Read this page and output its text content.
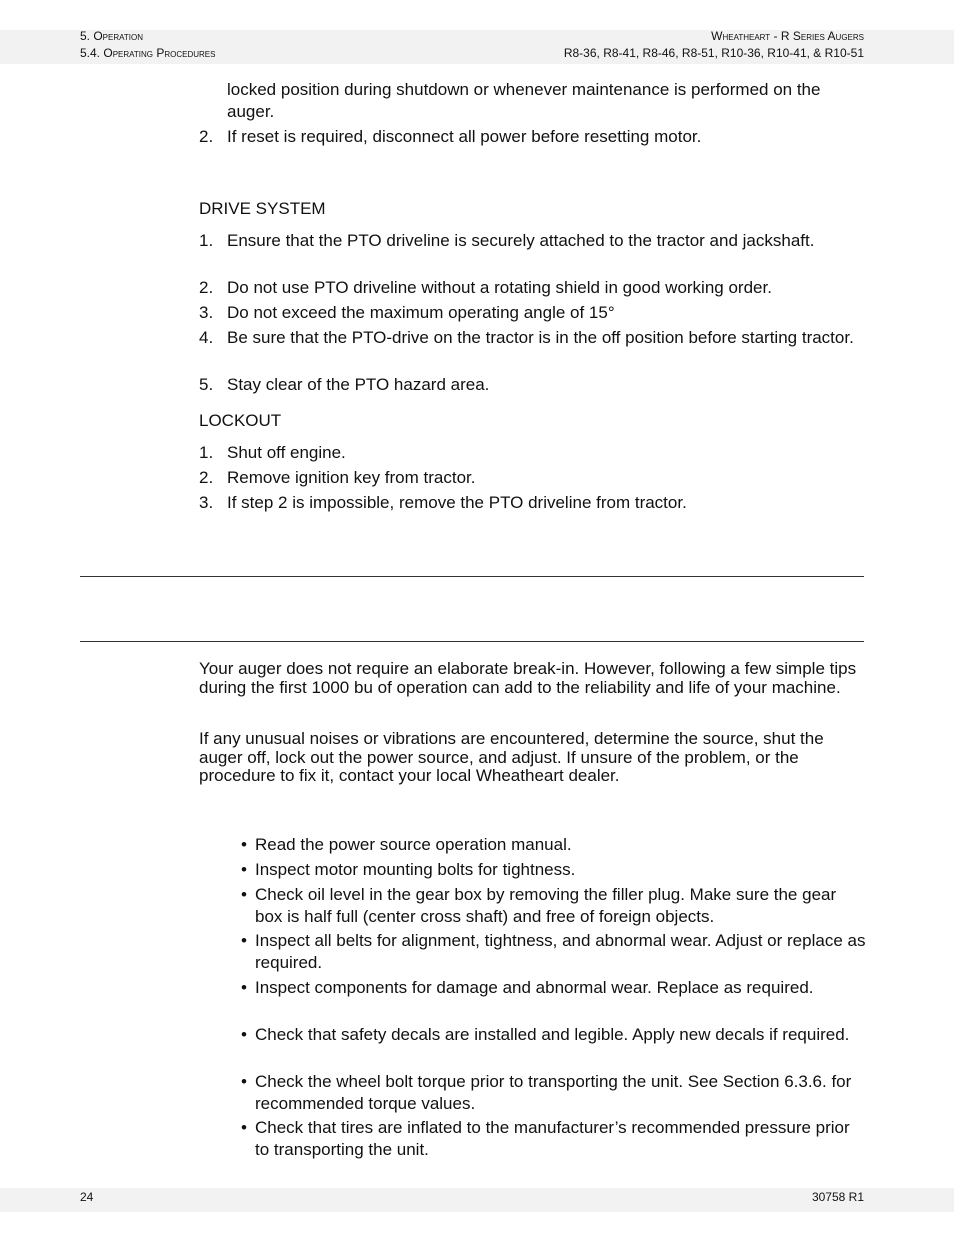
5. Operation
5.4. Operating Procedures
Wheatheart - R Series Augers
R8-36, R8-41, R8-46, R8-51, R10-36, R10-41, & R10-51
locked position during shutdown or whenever maintenance is performed on the auger.
2. If reset is required, disconnect all power before resetting motor.
DRIVE SYSTEM
1. Ensure that the PTO driveline is securely attached to the tractor and jackshaft.
2. Do not use PTO driveline without a rotating shield in good working order.
3. Do not exceed the maximum operating angle of 15°
4. Be sure that the PTO-drive on the tractor is in the off position before starting tractor.
5. Stay clear of the PTO hazard area.
LOCKOUT
1. Shut off engine.
2. Remove ignition key from tractor.
3. If step 2 is impossible, remove the PTO driveline from tractor.
Your auger does not require an elaborate break-in. However, following a few simple tips during the first 1000 bu of operation can add to the reliability and life of your machine.
If any unusual noises or vibrations are encountered, determine the source, shut the auger off, lock out the power source, and adjust. If unsure of the problem, or the procedure to fix it, contact your local Wheatheart dealer.
• Read the power source operation manual.
• Inspect motor mounting bolts for tightness.
• Check oil level in the gear box by removing the filler plug. Make sure the gear box is half full (center cross shaft) and free of foreign objects.
• Inspect all belts for alignment, tightness, and abnormal wear. Adjust or replace as required.
• Inspect components for damage and abnormal wear. Replace as required.
• Check that safety decals are installed and legible. Apply new decals if required.
• Check the wheel bolt torque prior to transporting the unit. See Section 6.3.6. for recommended torque values.
• Check that tires are inflated to the manufacturer’s recommended pressure prior to transporting the unit.
24	30758 R1
